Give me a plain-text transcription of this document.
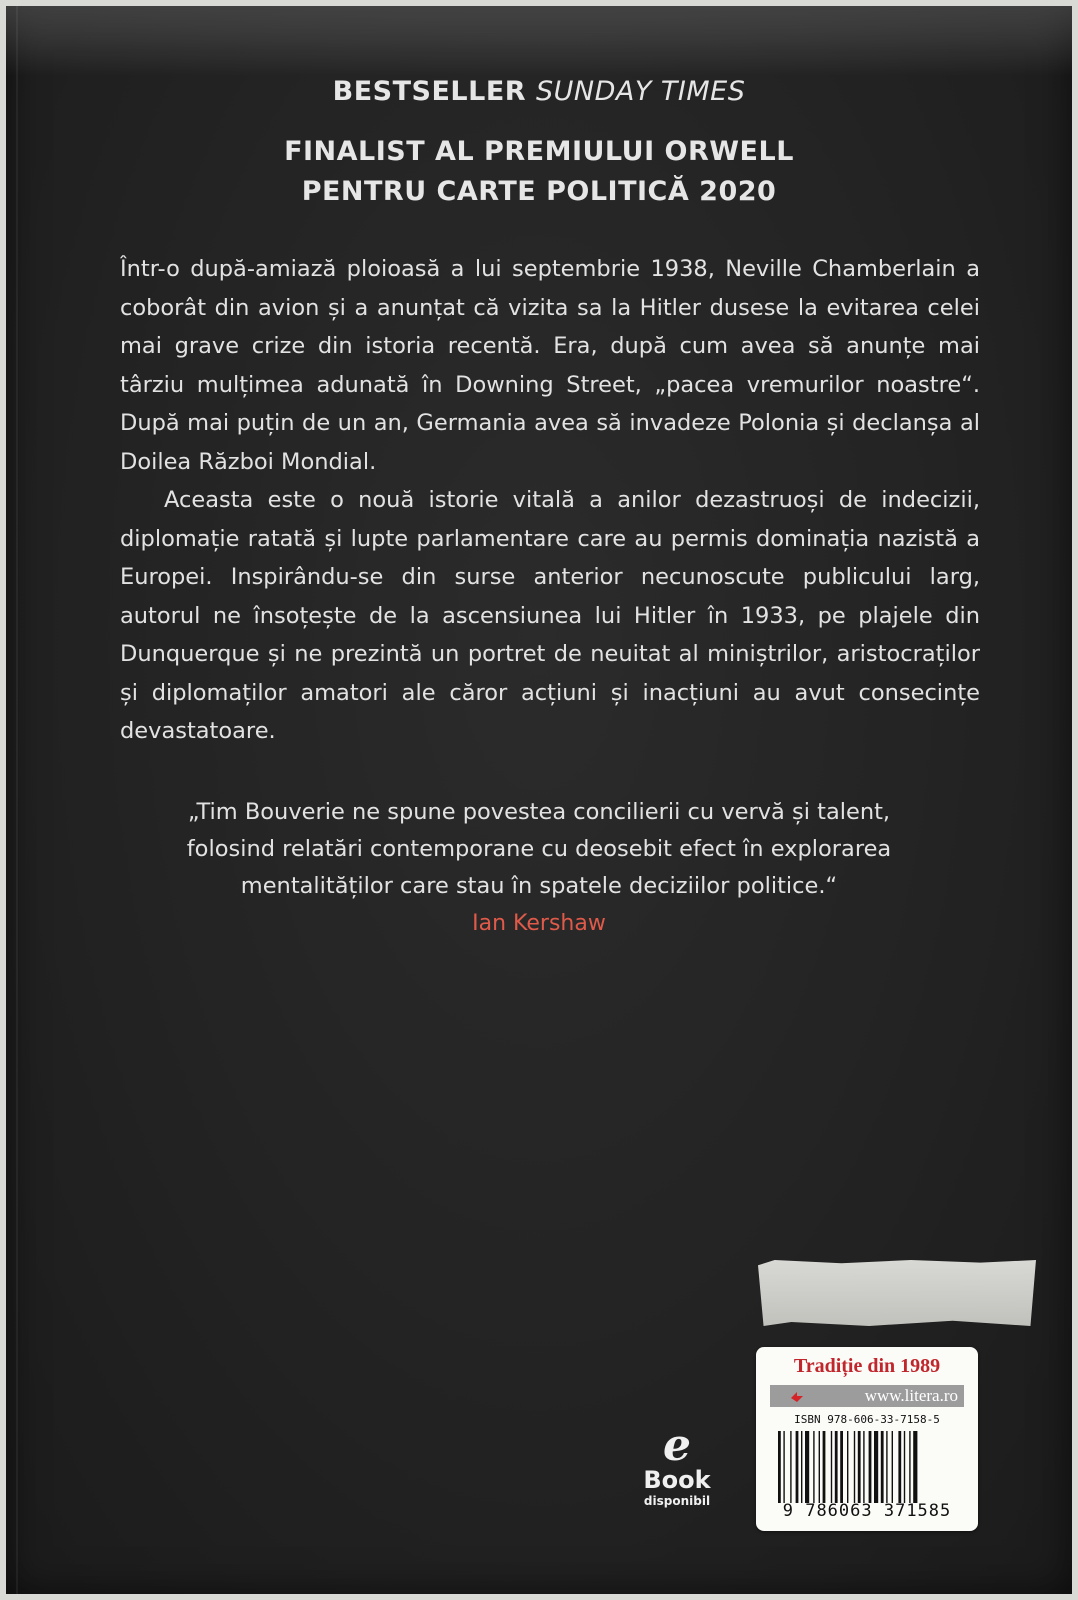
BESTSELLER SUNDAY TIMES
FINALIST AL PREMIULUI ORWELL
PENTRU CARTE POLITICĂ 2020

Într-o după-amiază ploioasă a lui septembrie 1938, Neville Chamberlain a coborât din avion și a anunțat că vizita sa la Hitler dusese la evitarea celei mai grave crize din istoria recentă. Era, după cum avea să anunțe mai târziu mulțimea adunată în Downing Street, „pacea vremurilor noastre“. După mai puțin de un an, Germania avea să invadeze Polonia și declanșa al Doilea Război Mondial.

Aceasta este o nouă istorie vitală a anilor dezastruoși de indecizii, diplomație ratată și lupte parlamentare care au permis dominația nazistă a Europei. Inspirându-se din surse anterior necunoscute publicului larg, autorul ne însoțește de la ascensiunea lui Hitler în 1933, pe plajele din Dunquerque și ne prezintă un portret de neuitat al miniștrilor, aristocraților și diplomaților amatori ale căror acțiuni și inacțiuni au avut consecințe devastatoare.

„Tim Bouverie ne spune povestea concilierii cu vervă și talent,
folosind relatări contemporane cu deosebit efect în explorarea
mentalităților care stau în spatele deciziilor politice.“
Ian Kershaw
e
Book
disponibil
Tradiție din 1989
www.litera.ro
ISBN 978-606-33-7158-5
9 786063 371585
